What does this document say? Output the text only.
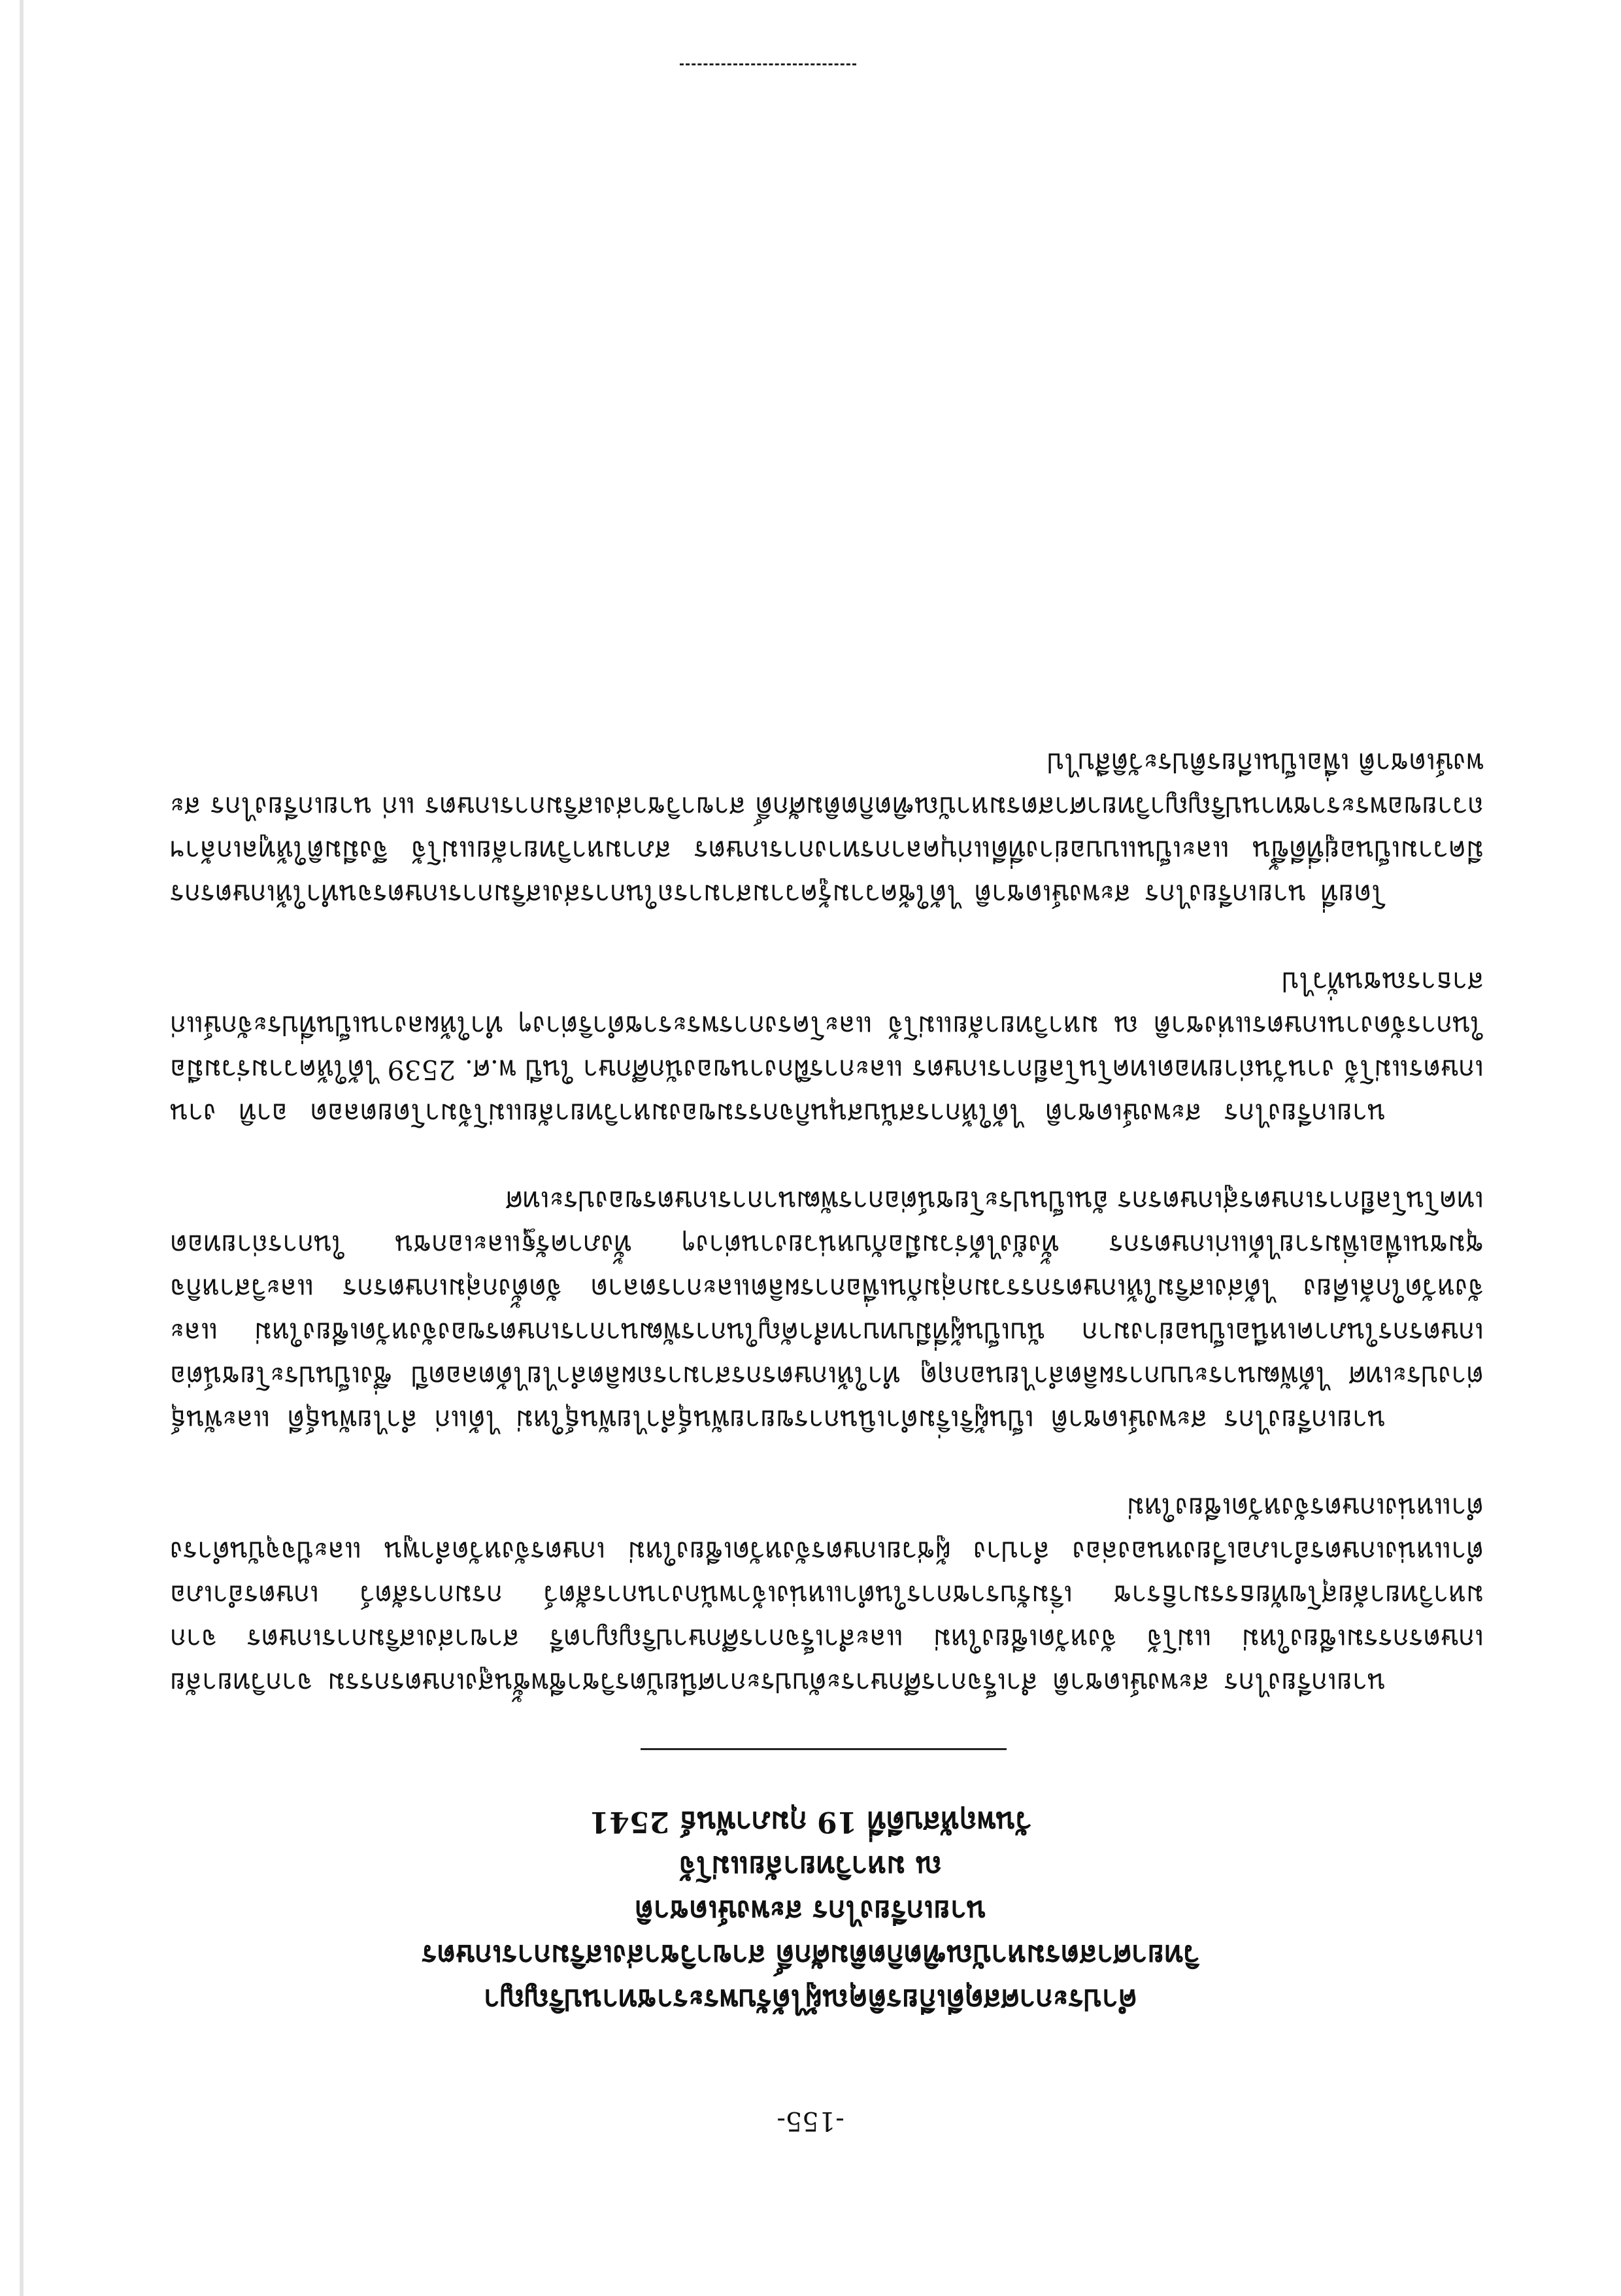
-155-
คำประกาศสดุดีเกียรติคุณผู้ได้รับพระราชทานปริญญา
วิทยาศาสตรมหาบัณฑิตกิตติมศักดิ์ สาขาวิชาส่งเสริมการเกษตร
นายเกรียงไกร สะพงษ์เดชาติ
ณ มหาวิทยาลัยแม่โจ้
วันพฤหัสบดีที่ 19 กุมภาพันธ์ 2541

นายเกรียงไกร สะพงษ์เดชาติ สำเร็จการศึกษาระดับประกาศนียบัตรวิชาชีพชั้นสูงเกษตรกรรม จากวิทยาลัยเกษตรกรรมเชียงใหม่ แม่โจ้ จังหวัดเชียงใหม่ และสำเร็จการศึกษาปริญญาตรี สาขาส่งเสริมการเกษตร จากมหาวิทยาลัยสุโขทัยธรรมาธิราช เริ่มรับราชการในตำแหน่งเจ้าพนักงานการสัตว์ กรมการสัตว์ เกษตรอำเภอ ตำแหน่งเกษตรอำเภอเวียงหนองล่อง ลำปาง ผู้ช่วยเกษตรจังหวัดเชียงใหม่ เกษตรจังหวัดลำพูน และปัจจุบันดำรงตำแหน่งเกษตรจังหวัดเชียงใหม่

นายเกรียงไกร สะพงษ์เดชาติ เป็นผู้ริเริ่มดำเนินการขยายพันธุ์ลำไยพันธุ์ใหม่ ได้แก่ ลำไยพันธุ์ดี และพันธุ์ต่างประเทศ ได้พัฒนาระบบการผลิตลำไยนอกฤดู ทำให้เกษตรกรสามารถผลิตลำไยได้ตลอดปี ซึ่งเป็นประโยชน์ต่อเกษตรกรในภาคเหนือเป็นอย่างมาก นับเป็นผู้ที่มีบทบาทสำคัญในการพัฒนาการเกษตรของจังหวัดเชียงใหม่ และจังหวัดใกล้เคียง ได้ส่งเสริมให้เกษตรกรรวมกลุ่มกันเพื่อการผลิตและการตลาด จัดตั้งกลุ่มเกษตรกร และวิสาหกิจชุมชนเพื่อเพิ่มรายได้แก่เกษตรกร ทั้งยังได้ร่วมมือกับหน่วยงานต่างๆ ทั้งภาครัฐและเอกชน ในการถ่ายทอดเทคโนโลยีการเกษตรสู่เกษตรกร อันเป็นประโยชน์ต่อการพัฒนาการเกษตรของประเทศ

นายเกรียงไกร สะพงษ์เดชาติ ได้ให้การสนับสนุนกิจกรรมของมหาวิทยาลัยแม่โจ้มาโดยตลอด อาทิ งานเกษตรแม่โจ้ งานวันถ่ายทอดเทคโนโลยีการเกษตร และการฝึกงานของนักศึกษา ในปี พ.ศ. 2539 ได้ให้ความร่วมมือในการจัดงานเกษตรแห่งชาติ ณ มหาวิทยาลัยแม่โจ้ และโครงการพระราชดำริต่างๆ ทำให้ผลงานเป็นที่ประจักษ์แก่สาธารณชนทั่วไป

โดยที่ นายเกรียงไกร สะพงษ์เดชาติ ได้ใช้ความรู้ความสามารถในการส่งเสริมการเกษตรจนทำให้เกษตรกรมีความเป็นอยู่ที่ดีขึ้น และเป็นแบบอย่างที่ดีแก่บุคลากรทางการเกษตร สภามหาวิทยาลัยแม่โจ้ จึงมีมติให้ทูลเกล้าฯ ถวายขอพระราชทานปริญญาวิทยาศาสตรมหาบัณฑิตกิตติมศักดิ์ สาขาวิชาส่งเสริมการเกษตร แก่ นายเกรียงไกร สะพงษ์เดชาติ เพื่อเป็นเกียรติประวัติสืบไป
